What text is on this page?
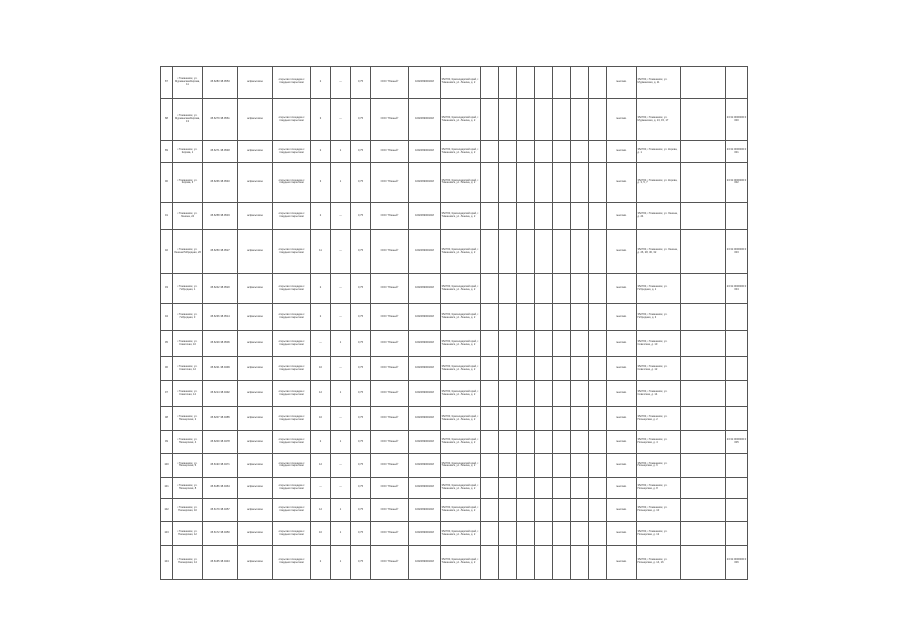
87	г.Тимашевск, ул. Мурманская/Кирова, 11	45.6283 38.9553	асфальтовое	открытая площадка с твердым покрытием	2	—	0,75	ООО "Южный"	1092369000218	352700, Краснодарский край, г. Тимашевск, ул. Ленина, д. 2								многокв.	352700, г.Тимашевск, ул. Мурманская, д. 11		
88	г.Тимашевск, ул. Мурманская/Кирова, 13	45.6279 38.9561	асфальтовое	открытая площадка с твердым покрытием	3	—	0,75	ООО "Южный"	1092369000218	352700, Краснодарский край, г. Тимашевск, ул. Ленина, д. 2								многокв.	352700, г.Тимашевск, ул. Мурманская, д. 13, 15, 17		23:31:0000000:0000
89	г.Тимашевск, ул. Кирова, 1	45.6271 38.9548	асфальтовое	открытая площадка с твердым покрытием	2	1	0,75	ООО "Южный"	1092369000218	352700, Краснодарский край, г. Тимашевск, ул. Ленина, д. 2								многокв.	352700, г.Тимашевск, ул. Кирова, д. 1		23:31:0000000:0001
90	г.Тимашевск, ул. Кирова, 3	45.6266 38.9540	асфальтовое	открытая площадка с твердым покрытием	3	1	0,75	ООО "Южный"	1092369000218	352700, Краснодарский край, г. Тимашевск, ул. Ленина, д. 2								многокв.	352700, г.Тимашевск, ул. Кирова, д. 3, 5, 7		23:31:0000000:0002
91	г.Тимашевск, ул. Ленина, 24	45.6258 38.9533	асфальтовое	открытая площадка с твердым покрытием	2	—	0,75	ООО "Южный"	1092369000218	352700, Краснодарский край, г. Тимашевск, ул. Ленина, д. 2								многокв.	352700, г.Тимашевск, ул. Ленина, д. 24		
92	г.Тимашевск, ул. Ленина/Гибридная, 26	45.6250 38.9527	асфальтовое	открытая площадка с твердым покрытием	11	—	0,75	ООО "Южный"	1092369000218	352700, Краснодарский край, г. Тимашевск, ул. Ленина, д. 2								многокв.	352700, г.Тимашевск, ул. Ленина, д. 26, 28, 30, 32		23:31:0000000:0003
93	г.Тимашевск, ул. Гибридная, 1	45.6242 38.9520	асфальтовое	открытая площадка с твердым покрытием	2	—	0,75	ООО "Южный"	1092369000218	352700, Краснодарский край, г. Тимашевск, ул. Ленина, д. 2								многокв.	352700, г.Тимашевск, ул. Гибридная, д. 1		23:31:0000000:0004
94	г.Тимашевск, ул. Гибридная, 3	45.6236 38.9514	асфальтовое	открытая площадка с твердым покрытием	2	—	0,75	ООО "Южный"	1092369000218	352700, Краснодарский край, г. Тимашевск, ул. Ленина, д. 2								многокв.	352700, г.Тимашевск, ул. Гибридная, д. 3		
95	г.Тимашевск, ул. Советская, 10	45.6229 38.9506	асфальтовое	открытая площадка с твердым покрытием	—	1	0,75	ООО "Южный"	1092369000218	352700, Краснодарский край, г. Тимашевск, ул. Ленина, д. 2								многокв.	352700, г.Тимашевск, ул. Советская, д. 10		
96	г.Тимашевск, ул. Советская, 12	45.6221 38.9499	асфальтовое	открытая площадка с твердым покрытием	10	—	0,75	ООО "Южный"	1092369000218	352700, Краснодарский край, г. Тимашевск, ул. Ленина, д. 2								многокв.	352700, г.Тимашевск, ул. Советская, д. 12		
97	г.Тимашевск, ул. Советская, 14	45.6214 38.9492	асфальтовое	открытая площадка с твердым покрытием	12	1	0,75	ООО "Южный"	1092369000218	352700, Краснодарский край, г. Тимашевск, ул. Ленина, д. 2								многокв.	352700, г.Тимашевск, ул. Советская, д. 14		
98	г.Тимашевск, ул. Пионерская, 2	45.6207 38.9485	асфальтовое	открытая площадка с твердым покрытием	10	—	0,75	ООО "Южный"	1092369000218	352700, Краснодарский край, г. Тимашевск, ул. Ленина, д. 2								многокв.	352700, г.Тимашевск, ул. Пионерская, д. 2		
99	г.Тимашевск, ул. Пионерская, 4	45.6200 38.9478	асфальтовое	открытая площадка с твердым покрытием	2	1	0,75	ООО "Южный"	1092369000218	352700, Краснодарский край, г. Тимашевск, ул. Ленина, д. 2								многокв.	352700, г.Тимашевск, ул. Пионерская, д. 4		23:31:0000000:0005
100	г.Тимашевск, ул. Пионерская, 6	45.6193 38.9471	асфальтовое	открытая площадка с твердым покрытием	12	—	0,75	ООО "Южный"	1092369000218	352700, Краснодарский край, г. Тимашевск, ул. Ленина, д. 2								многокв.	352700, г.Тимашевск, ул. Пионерская, д. 6		
101	г.Тимашевск, ул. Пионерская, 8	45.6186 38.9464	асфальтовое	открытая площадка с твердым покрытием	—	—	0,75	ООО "Южный"	1092369000218	352700, Краснодарский край, г. Тимашевск, ул. Ленина, д. 2								многокв.	352700, г.Тимашевск, ул. Пионерская, д. 8		
102	г.Тимашевск, ул. Пионерская, 10	45.6179 38.9457	асфальтовое	открытая площадка с твердым покрытием	12	1	0,75	ООО "Южный"	1092369000218	352700, Краснодарский край, г. Тимашевск, ул. Ленина, д. 2								многокв.	352700, г.Тимашевск, ул. Пионерская, д. 10		
103	г.Тимашевск, ул. Пионерская, 12	45.6172 38.9450	асфальтовое	открытая площадка с твердым покрытием	10	1	0,75	ООО "Южный"	1092369000218	352700, Краснодарский край, г. Тимашевск, ул. Ленина, д. 2								многокв.	352700, г.Тимашевск, ул. Пионерская, д. 12		
104	г.Тимашевск, ул. Пионерская, 14	45.6165 38.9443	асфальтовое	открытая площадка с твердым покрытием	2	1	0,75	ООО "Южный"	1092369000218	352700, Краснодарский край, г. Тимашевск, ул. Ленина, д. 2								многокв.	352700, г.Тимашевск, ул. Пионерская, д. 14, 16		23:31:0000000:0006
